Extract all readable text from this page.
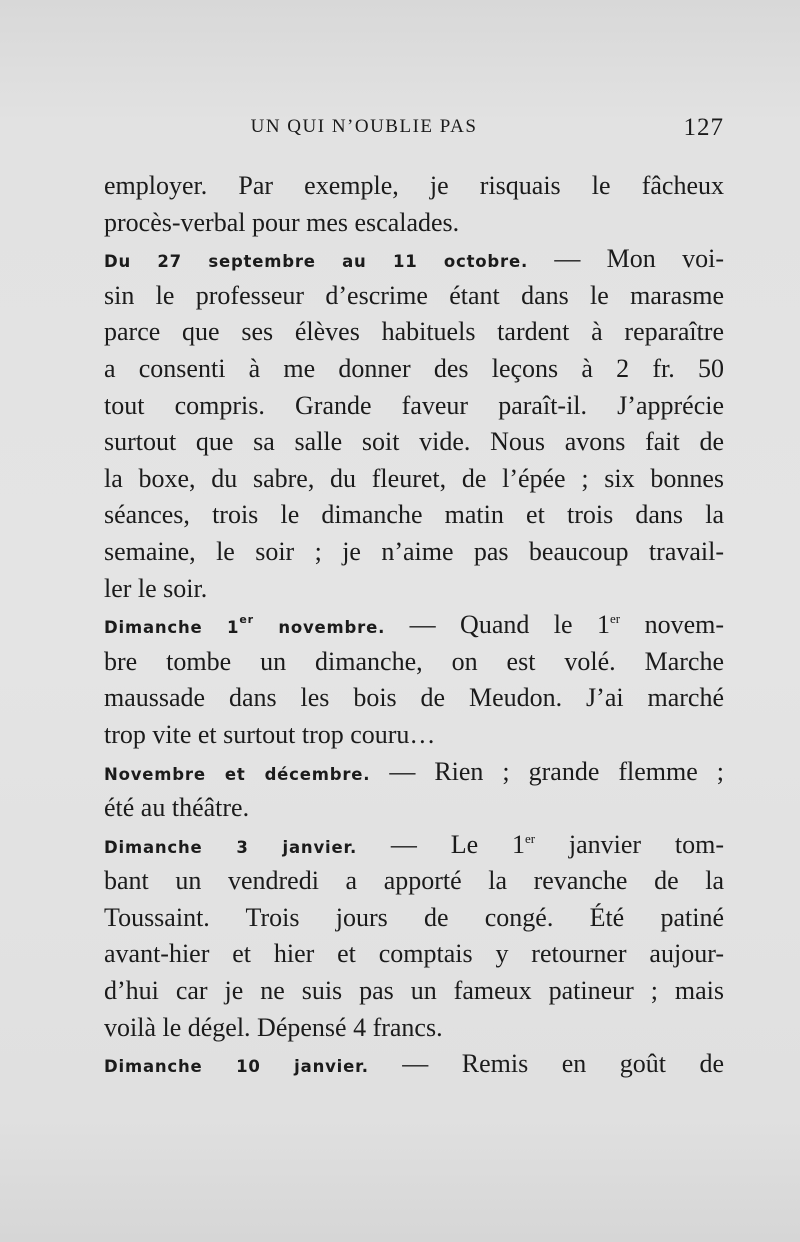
UN QUI N’OUBLIE PAS	127
employer. Par exemple, je risquais le fâcheux
procès-verbal pour mes escalades.
Du 27 septembre au 11 octobre. — Mon voi-
sin le professeur d’escrime étant dans le marasme
parce que ses élèves habituels tardent à reparaître
a consenti à me donner des leçons à 2 fr. 50
tout compris. Grande faveur paraît-il. J’apprécie
surtout que sa salle soit vide. Nous avons fait de
la boxe, du sabre, du fleuret, de l’épée ; six bonnes
séances, trois le dimanche matin et trois dans la
semaine, le soir ; je n’aime pas beaucoup travail-
ler le soir.
Dimanche 1er novembre. — Quand le 1er novem-
bre tombe un dimanche, on est volé. Marche
maussade dans les bois de Meudon. J’ai marché
trop vite et surtout trop couru…
Novembre et décembre. — Rien ; grande flemme ;
été au théâtre.
Dimanche 3 janvier. — Le 1er janvier tom-
bant un vendredi a apporté la revanche de la
Toussaint. Trois jours de congé. Été patiné
avant-hier et hier et comptais y retourner aujour-
d’hui car je ne suis pas un fameux patineur ; mais
voilà le dégel. Dépensé 4 francs.
Dimanche 10 janvier. — Remis en goût de
